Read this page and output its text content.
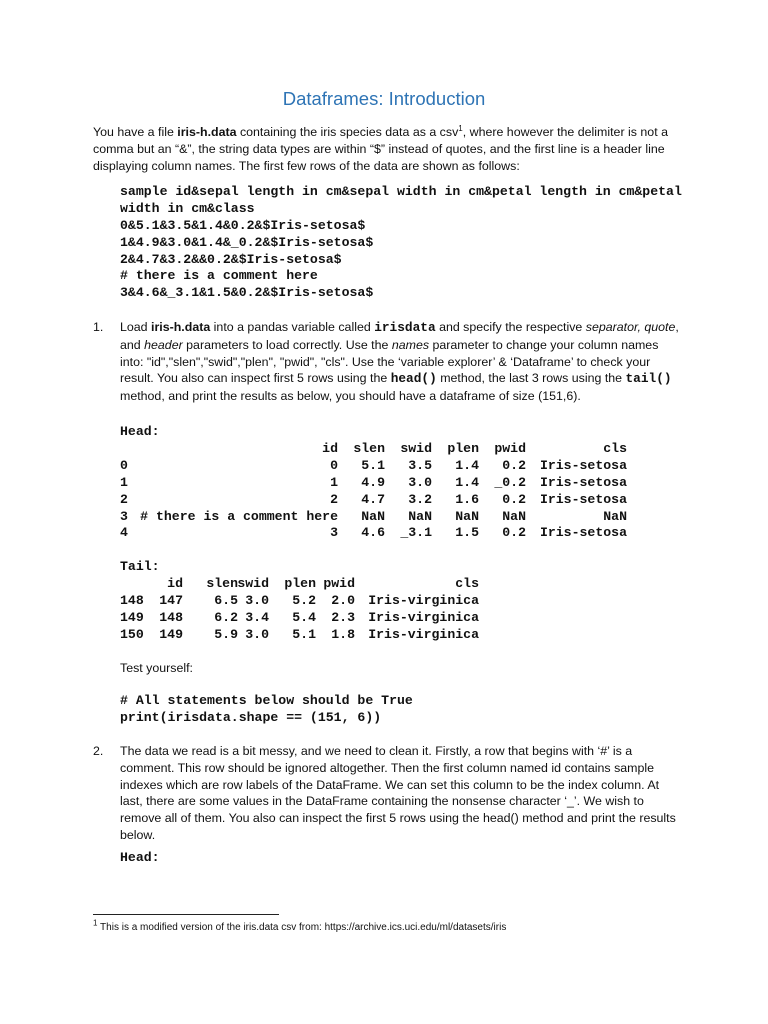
Dataframes: Introduction
You have a file iris-h.data containing the iris species data as a csv$^1$, where however the delimiter is not a comma but an “&”, the string data types are within “$” instead of quotes, and the first line is a header line displaying column names. The first few rows of the data are shown as follows:
sample id&sepal length in cm&sepal width in cm&petal length in cm&petal
width in cm&class
0&5.1&3.5&1.4&0.2&$Iris-setosa$
1&4.9&3.0&1.4&_0.2&$Iris-setosa$
2&4.7&3.2&&0.2&$Iris-setosa$
# there is a comment here
3&4.6&_3.1&1.5&0.2&$Iris-setosa$
1. Load iris-h.data into a pandas variable called irisdata and specify the respective separator, quote, and header parameters to load correctly. Use the names parameter to change your column names into: "id","slen","swid","plen", "pwid", "cls". Use the ‘variable explorer’ & ‘Dataframe’ to check your result. You also can inspect first 5 rows using the head() method, the last 3 rows using the tail() method, and print the results as below, you should have a dataframe of size (151,6).
Head:
id slen swid plen pwid	cls
0	0 5.1 3.5 1.4 0.2 Iris-setosa
1	1 4.9 3.0 1.4 _0.2 Iris-setosa
2	2 4.7 3.2 1.6 0.2 Iris-setosa
3 # there is a comment here NaN NaN NaN NaN	NaN
4	3 4.6 _3.1 1.5 0.2 Iris-setosa
Tail:
id slen swid plen pwid	cls
148 147 6.5 3.0 5.2 2.0 Iris-virginica
149 148 6.2 3.4 5.4 2.3 Iris-virginica
150 149 5.9 3.0 5.1 1.8 Iris-virginica
Test yourself:
# All statements below should be True
print(irisdata.shape == (151, 6))
2. The data we read is a bit messy, and we need to clean it. Firstly, a row that begins with ‘#’ is a comment. This row should be ignored altogether. Then the first column named id contains sample indexes which are row labels of the DataFrame. We can set this column to be the index column. At last, there are some values in the DataFrame containing the nonsense character ‘_’. We wish to remove all of them. You also can inspect the first 5 rows using the head() method and print the results below.
Head:
$^1$ This is a modified version of the iris.data csv from: https://archive.ics.uci.edu/ml/datasets/iris
